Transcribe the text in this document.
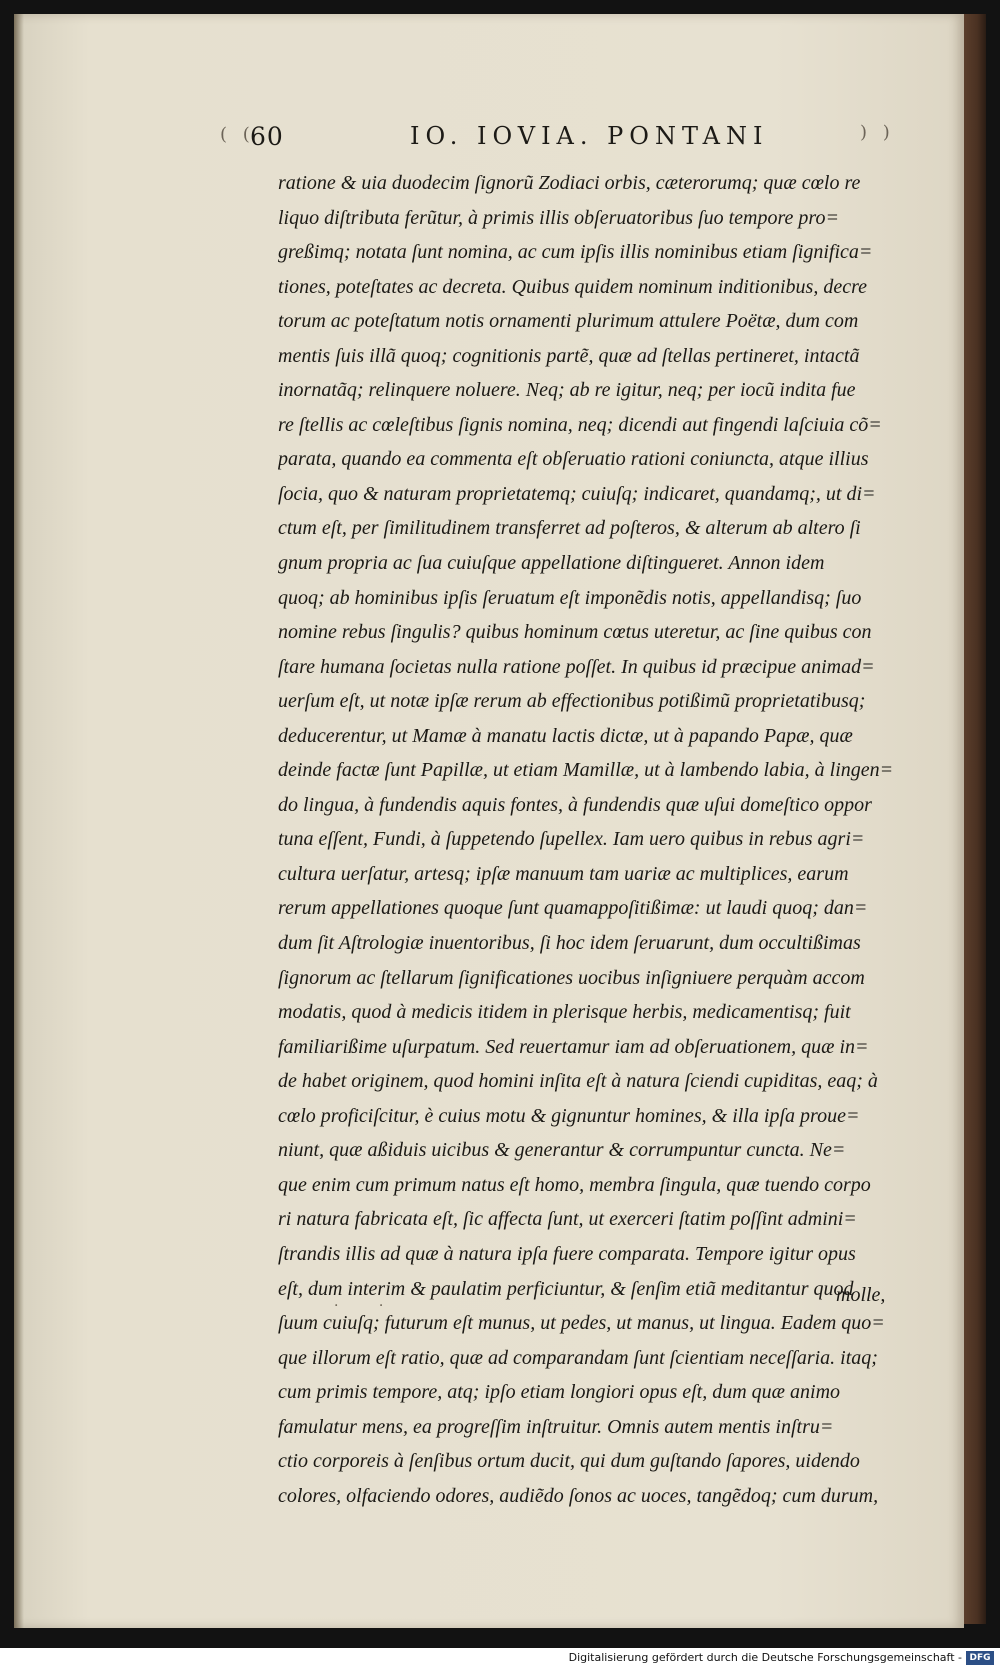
( (
60	IO. IOVIA. PONTANI	) )
ratione & uia duodecim ſignorũ Zodiaci orbis, cæterorumq; quæ cœlo re
liquo diſtributa ferũtur, à primis illis obſeruatoribus ſuo tempore pro=
greßimq; notata ſunt nomina, ac cum ipſis illis nominibus etiam ſignifica=
tiones, poteſtates ac decreta. Quibus quidem nominum inditionibus, decre
torum ac poteſtatum notis ornamenti plurimum attulere Poëtæ, dum com
mentis ſuis illã quoq; cognitionis partẽ, quæ ad ſtellas pertineret, intactã
inornatãq; relinquere noluere. Neq; ab re igitur, neq; per iocũ indita fue
re ſtellis ac cœleſtibus ſignis nomina, neq; dicendi aut fingendi laſciuia cõ=
parata, quando ea commenta eſt obſeruatio rationi coniuncta, atque illius
ſocia, quo & naturam proprietatemq; cuiuſq; indicaret, quandamq;, ut di=
ctum eſt, per ſimilitudinem transferret ad poſteros, & alterum ab altero ſi
gnum propria ac ſua cuiuſque appellatione diſtingueret. Annon idem
quoq; ab hominibus ipſis ſeruatum eſt imponẽdis notis, appellandisq; ſuo
nomine rebus ſingulis? quibus hominum cœtus uteretur, ac ſine quibus con
ſtare humana ſocietas nulla ratione poſſet. In quibus id præcipue animad=
uerſum eſt, ut notæ ipſæ rerum ab effectionibus potißimũ proprietatibusq;
deducerentur, ut Mamæ à manatu lactis dictæ, ut à papando Papæ, quæ
deinde factæ ſunt Papillæ, ut etiam Mamillæ, ut à lambendo labia, à lingen=
do lingua, à fundendis aquis fontes, à fundendis quæ uſui domeſtico oppor
tuna eſſent, Fundi, à ſuppetendo ſupellex. Iam uero quibus in rebus agri=
cultura uerſatur, artesq; ipſæ manuum tam uariæ ac multiplices, earum
rerum appellationes quoque ſunt quamappoſitißimæ: ut laudi quoq; dan=
dum ſit Aſtrologiæ inuentoribus, ſi hoc idem ſeruarunt, dum occultißimas
ſignorum ac ſtellarum ſignificationes uocibus inſigniuere perquàm accom
modatis, quod à medicis itidem in plerisque herbis, medicamentisq; fuit
familiarißime uſurpatum. Sed reuertamur iam ad obſeruationem, quæ in=
de habet originem, quod homini inſita eſt à natura ſciendi cupiditas, eaq; à
cœlo proficiſcitur, è cuius motu & gignuntur homines, & illa ipſa proue=
niunt, quæ aßiduis uicibus & generantur & corrumpuntur cuncta. Ne=
que enim cum primum natus eſt homo, membra ſingula, quæ tuendo corpo
ri natura fabricata eſt, ſic affecta ſunt, ut exerceri ſtatim poſſint admini=
ſtrandis illis ad quæ à natura ipſa fuere comparata. Tempore igitur opus
eſt, dum interim & paulatim perficiuntur, & ſenſim etiã meditantur quod
ſuum cuiuſq; futurum eſt munus, ut pedes, ut manus, ut lingua. Eadem quo=
que illorum eſt ratio, quæ ad comparandam ſunt ſcientiam neceſſaria. itaq;
cum primis tempore, atq; ipſo etiam longiori opus eſt, dum quæ animo
famulatur mens, ea progreſſim inſtruitur. Omnis autem mentis inſtru=
ctio corporeis à ſenſibus ortum ducit, qui dum guſtando ſapores, uidendo
colores, olfaciendo odores, audiẽdo ſonos ac uoces, tangẽdoq; cum durum,
molle,
· ·
Digitalisierung gefördert durch die Deutsche Forschungsgemeinschaft - DFG
